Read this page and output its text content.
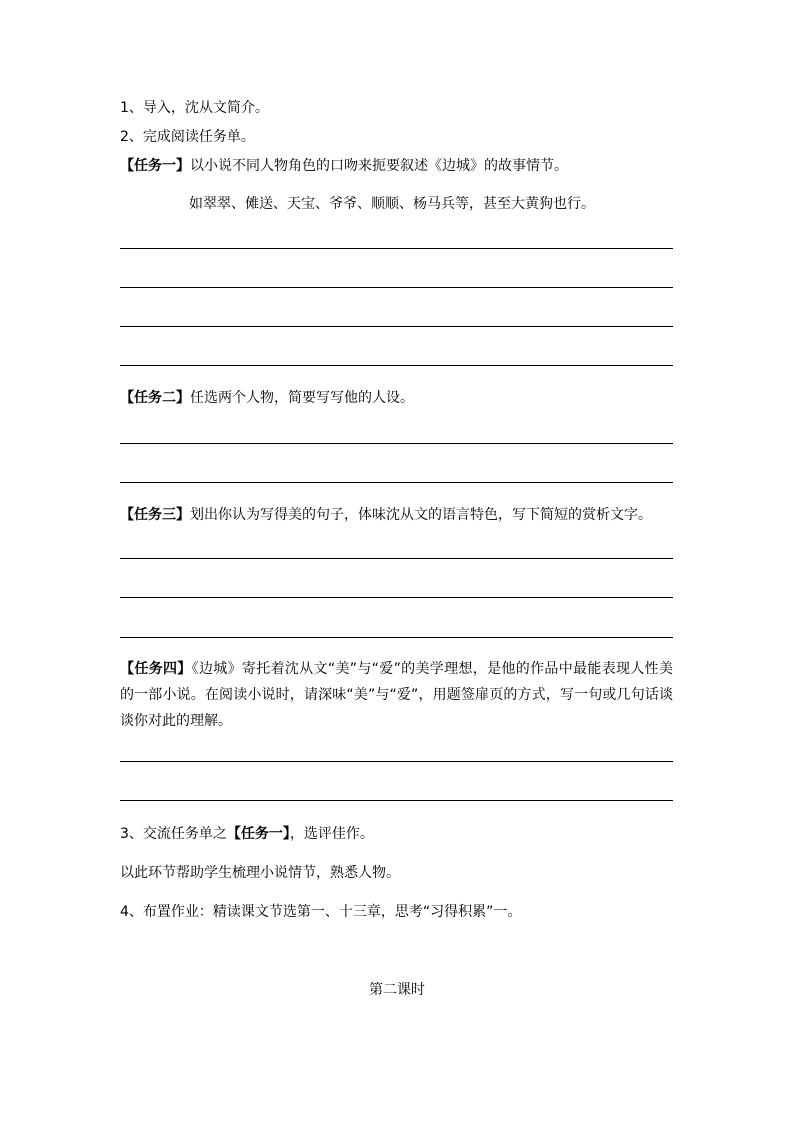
1、导入，沈从文简介。
2、完成阅读任务单。
【任务一】以小说不同人物角色的口吻来扼要叙述《边城》的故事情节。
如翠翠、傩送、天宝、爷爷、顺顺、杨马兵等，甚至大黄狗也行。
【任务二】任选两个人物，简要写写他的人设。
【任务三】划出你认为写得美的句子，体味沈从文的语言特色，写下简短的赏析文字。
【任务四】《边城》寄托着沈从文“美”与“爱”的美学理想，是他的作品中最能表现人性美的一部小说。在阅读小说时，请深味“美”与“爱”，用题签扉页的方式，写一句或几句话谈谈你对此的理解。
3、交流任务单之【任务一】，选评佳作。
以此环节帮助学生梳理小说情节，熟悉人物。
4、布置作业：精读课文节选第一、十三章，思考“习得积累”一。
第二课时
